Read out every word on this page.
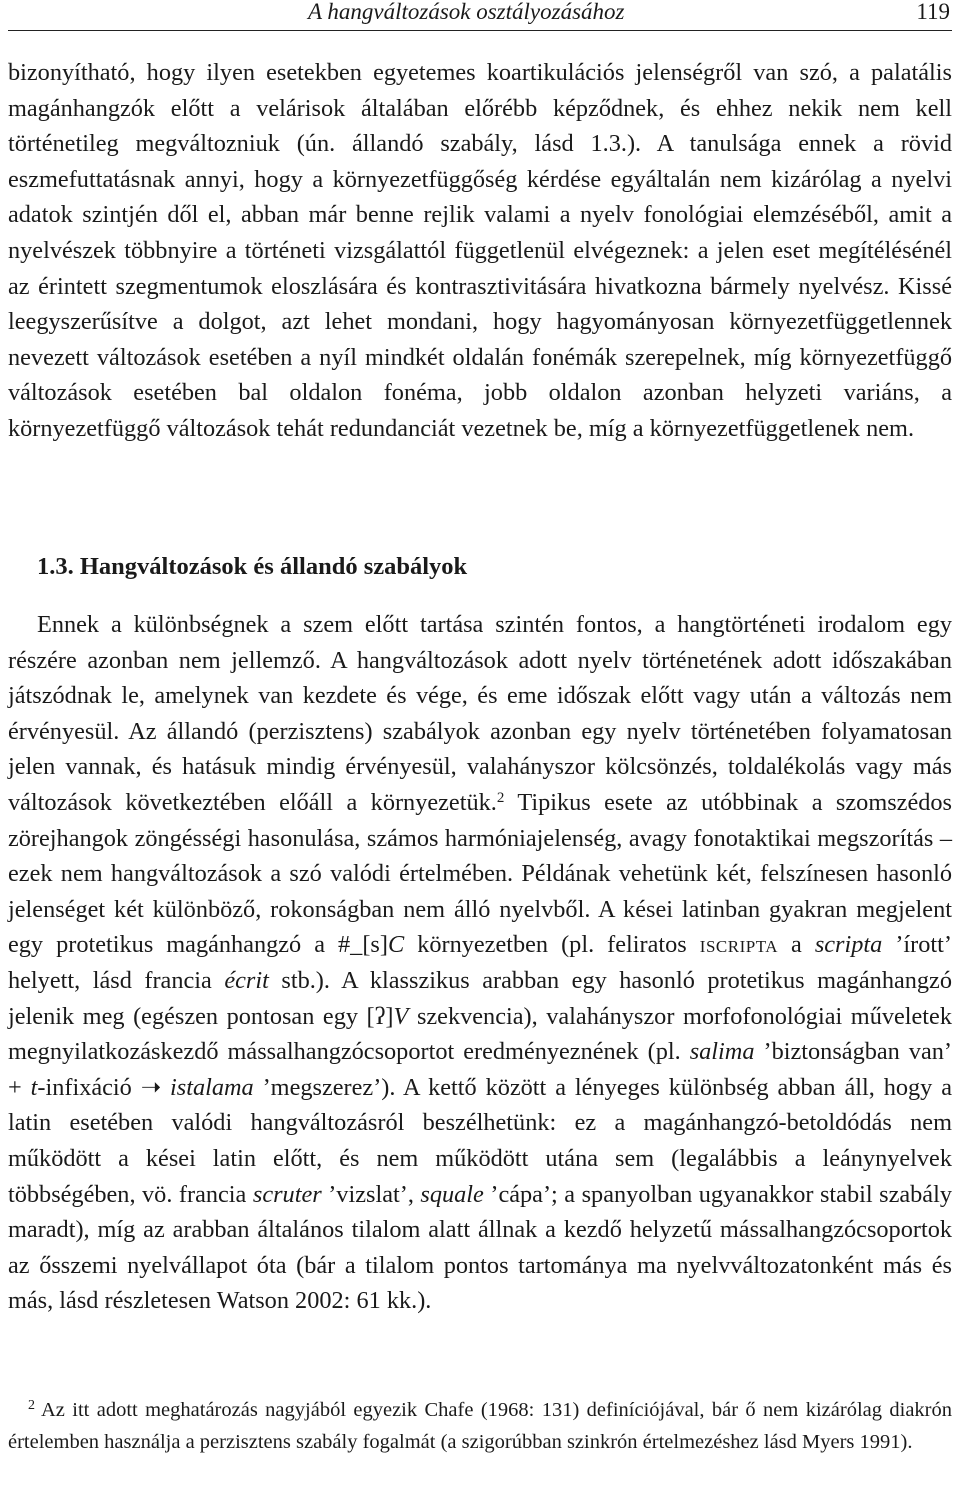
A hangváltozások osztályozásához	119

bizonyítható, hogy ilyen esetekben egyetemes koartikulációs jelenségről van szó, a palatális magánhangzók előtt a velárisok általában előrébb képződnek, és ehhez nekik nem kell történetileg megváltozniuk (ún. állandó szabály, lásd 1.3.). A tanulsága ennek a rövid eszmefuttatásnak annyi, hogy a környezetfüggőség kérdése egyáltalán nem kizárólag a nyelvi adatok szintjén dől el, abban már benne rejlik valami a nyelv fonológiai elemzéséből, amit a nyelvészek többnyire a történeti vizsgálattól függetlenül elvégeznek: a jelen eset megítélésénél az érintett szegmentumok eloszlására és kontrasztivitására hivatkozna bármely nyelvész. Kissé leegyszerűsítve a dolgot, azt lehet mondani, hogy hagyományosan környezetfüggetlennek nevezett változások esetében a nyíl mindkét oldalán fonémák szerepelnek, míg környezetfüggő változások esetében bal oldalon fonéma, jobb oldalon azonban helyzeti variáns, a környezetfüggő változások tehát redundanciát vezetnek be, míg a környezetfüggetlenek nem.

1.3. Hangváltozások és állandó szabályok

Ennek a különbségnek a szem előtt tartása szintén fontos, a hangtörténeti irodalom egy részére azonban nem jellemző. A hangváltozások adott nyelv történetének adott időszakában játszódnak le, amelynek van kezdete és vége, és eme időszak előtt vagy után a változás nem érvényesül. Az állandó (perzisztens) szabályok azonban egy nyelv történetében folyamatosan jelen vannak, és hatásuk mindig érvényesül, valahányszor kölcsönzés, toldalékolás vagy más változások következtében előáll a környezetük.$^2$ Tipikus esete az utóbbinak a szomszédos zörejhangok zöngésségi hasonulása, számos harmóniajelenség, avagy fonotaktikai megszorítás – ezek nem hangváltozások a szó valódi értelmében. Példának vehetünk két, felszínesen hasonló jelenséget két különböző, rokonságban nem álló nyelvből. A kései latinban gyakran megjelent egy protetikus magánhangzó a #_[s]C környezetben (pl. feliratos iscripta a scripta ’írott’ helyett, lásd francia écrit stb.). A klasszikus arabban egy hasonló protetikus magánhangzó jelenik meg (egészen pontosan egy [ʔ]V szekvencia), valahányszor morfofonológiai műveletek megnyilatkozáskezdő mássalhangzócsoportot eredményeznének (pl. salima ’biztonságban van’ + t-infixáció ➝ istalama ’megszerez’). A kettő között a lényeges különbség abban áll, hogy a latin esetében valódi hangváltozásról beszélhetünk: ez a magánhangzó-betoldódás nem működött a kései latin előtt, és nem működött utána sem (legalábbis a leánynyelvek többségében, vö. francia scruter ’vizslat’, squale ’cápa’; a spanyolban ugyanakkor stabil szabály maradt), míg az arabban általános tilalom alatt állnak a kezdő helyzetű mássalhangzócsoportok az ősszemi nyelvállapot óta (bár a tilalom pontos tartománya ma nyelvváltozatonként más és más, lásd részletesen Watson 2002: 61 kk.).

$^2$ Az itt adott meghatározás nagyjából egyezik Chafe (1968: 131) definíciójával, bár ő nem kizárólag diakrón értelemben használja a perzisztens szabály fogalmát (a szigorúbban szinkrón értelmezéshez lásd Myers 1991).
